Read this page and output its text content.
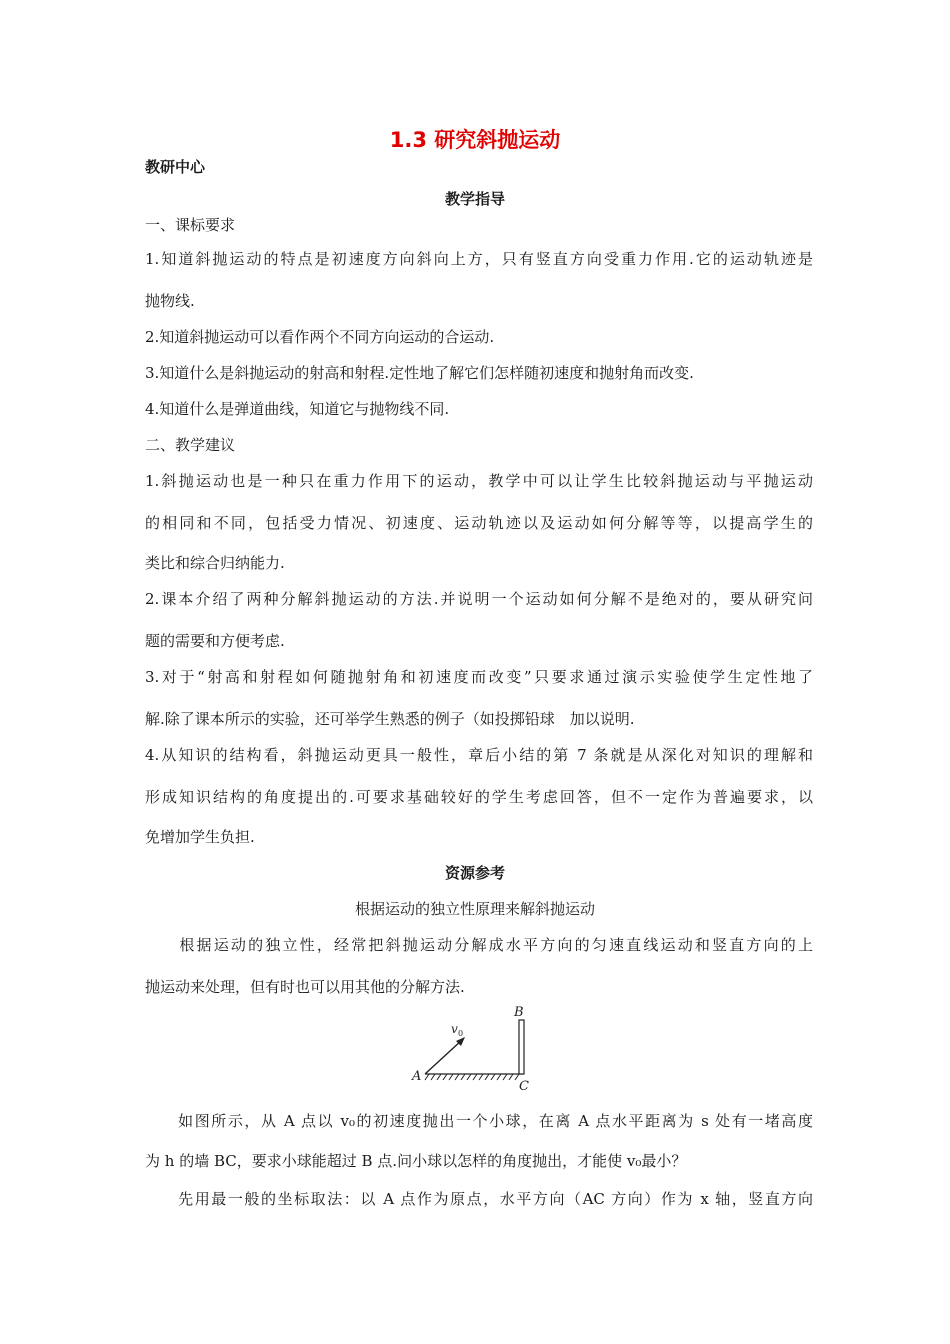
1.3 研究斜抛运动
教研中心
教学指导
一、课标要求
1.知道斜抛运动的特点是初速度方向斜向上方，只有竖直方向受重力作用.它的运动轨迹是
抛物线.
2.知道斜抛运动可以看作两个不同方向运动的合运动.
3.知道什么是斜抛运动的射高和射程.定性地了解它们怎样随初速度和抛射角而改变.
4.知道什么是弹道曲线，知道它与抛物线不同.
二、教学建议
1.斜抛运动也是一种只在重力作用下的运动，教学中可以让学生比较斜抛运动与平抛运动
的相同和不同，包括受力情况、初速度、运动轨迹以及运动如何分解等等，以提高学生的
类比和综合归纳能力.
2.课本介绍了两种分解斜抛运动的方法.并说明一个运动如何分解不是绝对的，要从研究问
题的需要和方便考虑.
3.对于“射高和射程如何随抛射角和初速度而改变”只要求通过演示实验使学生定性地了
解.除了课本所示的实验，还可举学生熟悉的例子（如投掷铅球　加以说明.
4.从知识的结构看，斜抛运动更具一般性，章后小结的第 7 条就是从深化对知识的理解和
形成知识结构的角度提出的.可要求基础较好的学生考虑回答，但不一定作为普遍要求，以
免增加学生负担.
资源参考
根据运动的独立性原理来解斜抛运动
　　根据运动的独立性，经常把斜抛运动分解成水平方向的匀速直线运动和竖直方向的上
抛运动来处理，但有时也可以用其他的分解方法.
A
B
C
v 0
　　如图所示，从 A 点以 v₀的初速度抛出一个小球，在离 A 点水平距离为 s 处有一堵高度
为 h 的墙 BC，要求小球能超过 B 点.问小球以怎样的角度抛出，才能使 v₀最小？
　　先用最一般的坐标取法：以 A 点作为原点，水平方向（AC 方向）作为 x 轴，竖直方向
